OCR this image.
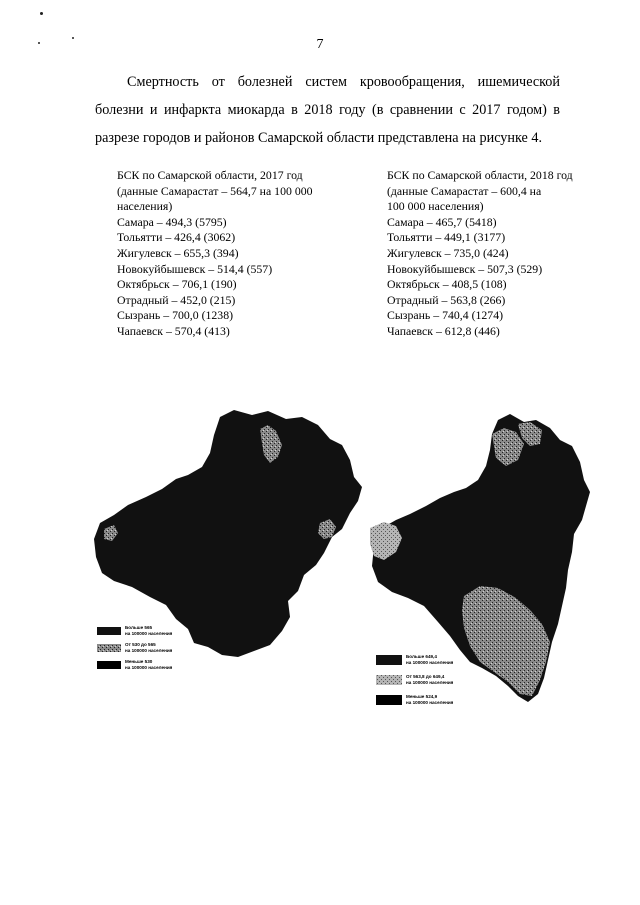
7

Смертность от болезней систем кровообращения, ишемической болезни и инфаркта миокарда в 2018 году (в сравнении с 2017 годом) в разрезе городов и районов Самарской области представлена на рисунке 4.

БСК по Самарской области, 2017 год
(данные Самарастат – 564,7 на 100 000
населения)
Самара – 494,3 (5795)
Тольятти – 426,4 (3062)
Жигулевск – 655,3 (394)
Новокуйбышевск – 514,4 (557)
Октябрьск – 706,1 (190)
Отрадный – 452,0 (215)
Сызрань – 700,0 (1238)
Чапаевск – 570,4 (413)
БСК по Самарской области, 2018 год
(данные Самарастат – 600,4 на
100 000 населения)
Самара – 465,7 (5418)
Тольятти – 449,1 (3177)
Жигулевск – 735,0 (424)
Новокуйбышевск – 507,3 (529)
Октябрьск – 408,5 (108)
Отрадный – 563,8 (266)
Сызрань – 740,4 (1274)
Чапаевск – 612,8 (446)
Больше 565
на 100000 населения
От 530 до 565
на 100000 населения
Меньше 530
на 100000 населения
Больше 649,4
на 100000 населения
От 563,8 до 649,4
на 100000 населения
Меньше 524,9
на 100000 населения
